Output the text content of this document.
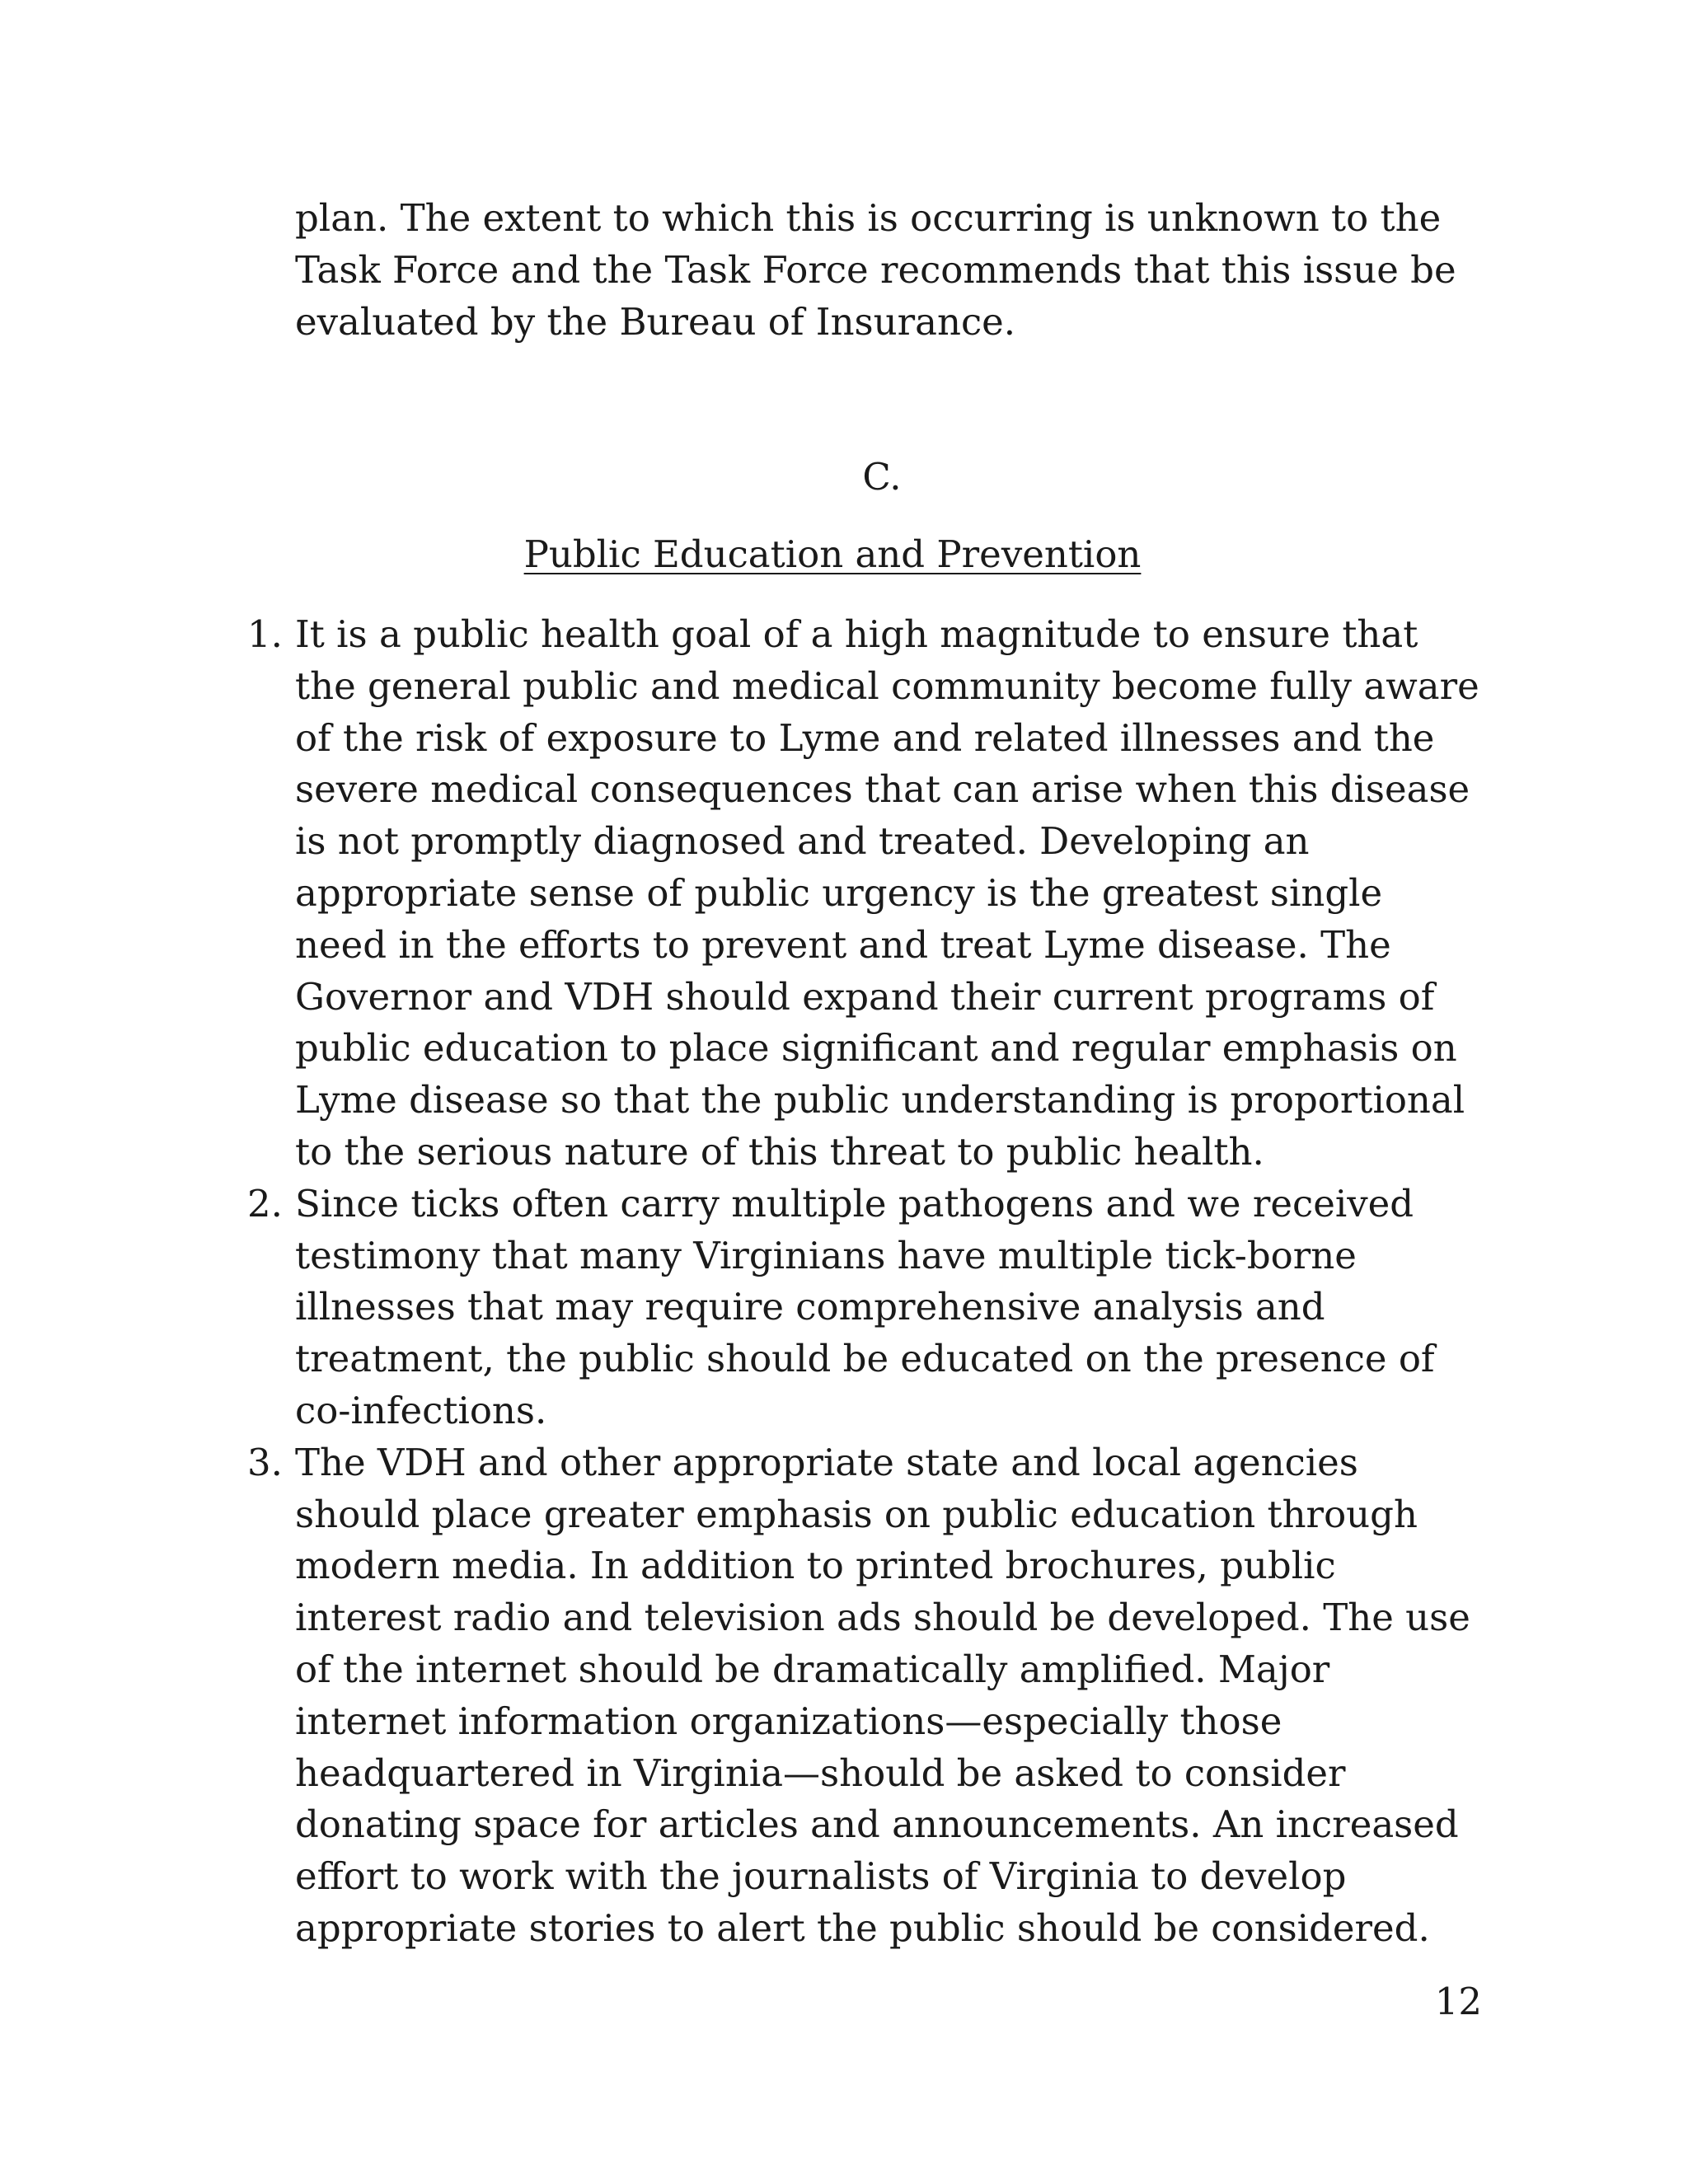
plan. The extent to which this is occurring is unknown to the Task Force and the Task Force recommends that this issue be evaluated by the Bureau of Insurance.

C.

Public Education and Prevention

1. It is a public health goal of a high magnitude to ensure that the general public and medical community become fully aware of the risk of exposure to Lyme and related illnesses and the severe medical consequences that can arise when this disease is not promptly diagnosed and treated. Developing an appropriate sense of public urgency is the greatest single need in the efforts to prevent and treat Lyme disease. The Governor and VDH should expand their current programs of public education to place significant and regular emphasis on Lyme disease so that the public understanding is proportional to the serious nature of this threat to public health.
2. Since ticks often carry multiple pathogens and we received testimony that many Virginians have multiple tick-borne illnesses that may require comprehensive analysis and treatment, the public should be educated on the presence of co-infections.
3. The VDH and other appropriate state and local agencies should place greater emphasis on public education through modern media. In addition to printed brochures, public interest radio and television ads should be developed. The use of the internet should be dramatically amplified. Major internet information organizations—especially those headquartered in Virginia—should be asked to consider donating space for articles and announcements. An increased effort to work with the journalists of Virginia to develop appropriate stories to alert the public should be considered.

12
